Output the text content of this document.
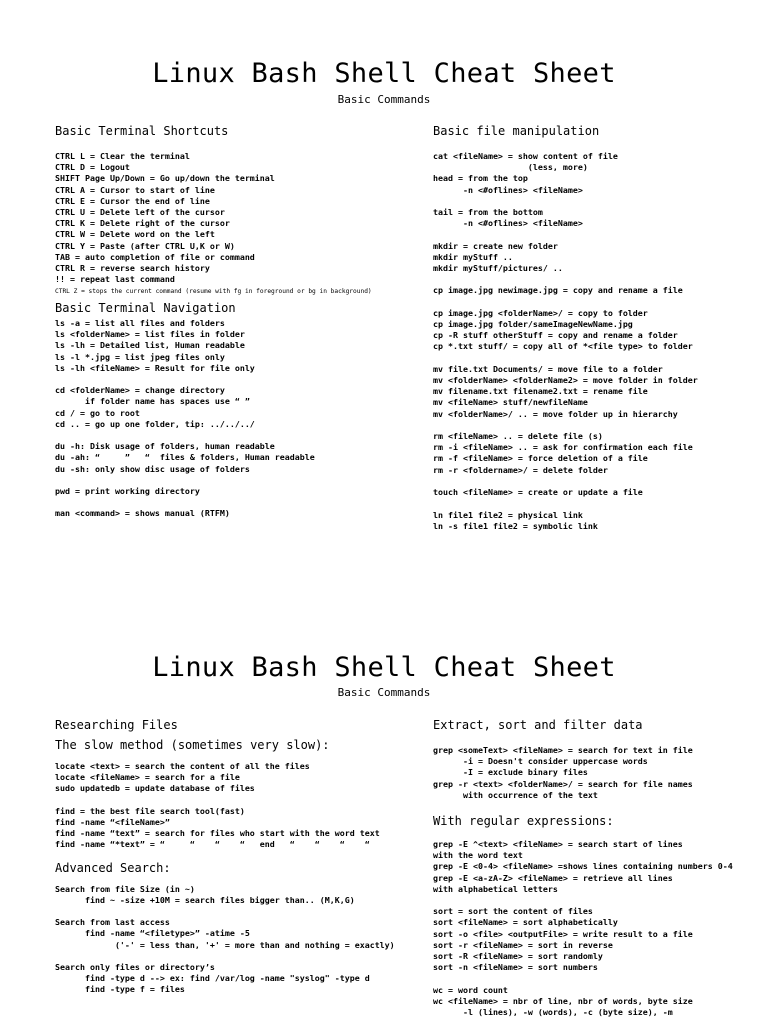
Linux Bash Shell Cheat Sheet
Basic Commands
Basic Terminal Shortcuts
CTRL L = Clear the terminal
CTRL D = Logout
SHIFT Page Up/Down = Go up/down the terminal
CTRL A = Cursor to start of line
CTRL E = Cursor the end of line
CTRL U = Delete left of the cursor
CTRL K = Delete right of the cursor
CTRL W = Delete word on the left
CTRL Y = Paste (after CTRL U,K or W)
TAB = auto completion of file or command
CTRL R = reverse search history
!! = repeat last command
CTRL Z = stops the current command (resume with fg in foreground or bg in background)
Basic Terminal Navigation
ls -a = list all files and folders
ls <folderName> = list files in folder
ls -lh = Detailed list, Human readable
ls -l *.jpg = list jpeg files only
ls -lh <fileName> = Result for file only

cd <folderName> = change directory
if folder name has spaces use “ ”
cd / = go to root
cd .. = go up one folder, tip: ../../../

du -h: Disk usage of folders, human readable
du -ah: “     ”   “  files & folders, Human readable
du -sh: only show disc usage of folders

pwd = print working directory

man <command> = shows manual (RTFM)
Basic file manipulation
cat <fileName> = show content of file
(less, more)
head = from the top
-n <#oflines> <fileName>

tail = from the bottom
-n <#oflines> <fileName>

mkdir = create new folder
mkdir myStuff ..
mkdir myStuff/pictures/ ..

cp image.jpg newimage.jpg = copy and rename a file

cp image.jpg <folderName>/ = copy to folder
cp image.jpg folder/sameImageNewName.jpg
cp -R stuff otherStuff = copy and rename a folder
cp *.txt stuff/ = copy all of *<file type> to folder

mv file.txt Documents/ = move file to a folder
mv <folderName> <folderName2> = move folder in folder
mv filename.txt filename2.txt = rename file
mv <fileName> stuff/newfileName
mv <folderName>/ .. = move folder up in hierarchy

rm <fileName> .. = delete file (s)
rm -i <fileName> .. = ask for confirmation each file
rm -f <fileName> = force deletion of a file
rm -r <foldername>/ = delete folder

touch <fileName> = create or update a file

ln file1 file2 = physical link
ln -s file1 file2 = symbolic link
Linux Bash Shell Cheat Sheet
Basic Commands
Researching Files
The slow method (sometimes very slow):
locate <text> = search the content of all the files
locate <fileName> = search for a file
sudo updatedb = update database of files

find = the best file search tool(fast)
find -name “<fileName>”
find -name “text” = search for files who start with the word text
find -name “*text” = “     “    “    “   end   “    “    “    “
Advanced Search:
Search from file Size (in ~)
find ~ -size +10M = search files bigger than.. (M,K,G)

Search from last access
find -name “<filetype>” -atime -5
('-' = less than, '+' = more than and nothing = exactly)

Search only files or directory’s
find -type d --> ex: find /var/log -name "syslog" -type d
find -type f = files
Extract, sort and filter data
grep <someText> <fileName> = search for text in file
-i = Doesn't consider uppercase words
-I = exclude binary files
grep -r <text> <folderName>/ = search for file names
with occurrence of the text
With regular expressions:
grep -E ^<text> <fileName> = search start of lines
with the word text
grep -E <0-4> <fileName> =shows lines containing numbers 0-4
grep -E <a-zA-Z> <fileName> = retrieve all lines
with alphabetical letters

sort = sort the content of files
sort <fileName> = sort alphabetically
sort -o <file> <outputFile> = write result to a file
sort -r <fileName> = sort in reverse
sort -R <fileName> = sort randomly
sort -n <fileName> = sort numbers

wc = word count
wc <fileName> = nbr of line, nbr of words, byte size
-l (lines), -w (words), -c (byte size), -m
